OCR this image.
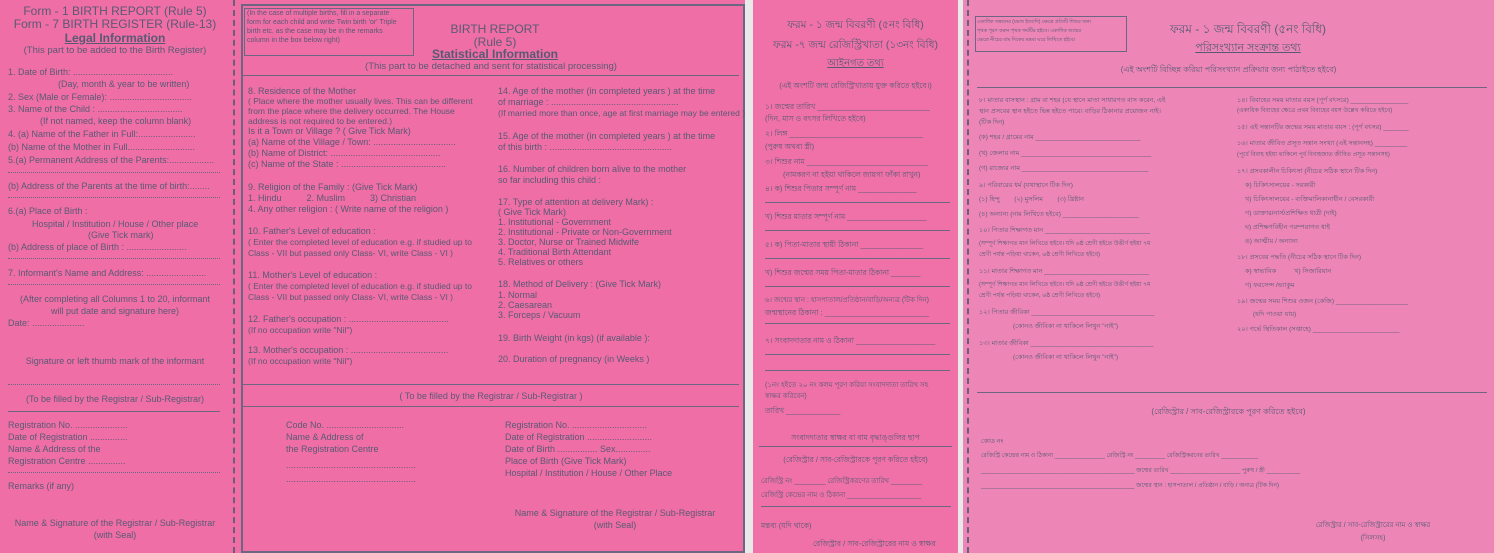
Form - 1 BIRTH REPORT (Rule 5)
Form - 7 BIRTH REGISTER (Rule-13)
Legal Information
(This part to be added to the Birth Register)
1. Date of Birth: ........................................
(Day, month & year to be written)
2. Sex (Male or Female): .................................
3. Name of the Child : ..................................
(If not named, keep the column blank)
4. (a) Name of the Father in Full:.......................
(b) Name of the Mother in Full...........................
5.(a) Permanent Address of the Parents:..................
(b) Address of the Parents at the time of birth:........
6.(a) Place of Birth :
Hospital / Institution / House / Other place
(Give Tick mark)
(b) Address of place of Birth : ........................
7. Informant's Name and Address: ........................
(After completing all Columns 1 to 20, informant
will put date and signature here)
Date: .....................
Signature or left thumb mark of the informant
(To be filled by the Registrar / Sub-Registrar)
Registration No. .....................
Date of Registration ...............
Name & Address of the
Registration Centre ...............
Remarks (if any)
Name & Signature of the Registrar / Sub-Registrar
(with Seal)
(In the case of multiple births, fill in a separate
form for each child and write Twin birth 'or' Triple
birth etc. as the case may be in the remarks
column in the box below right)
BIRTH REPORT
(Rule 5)
Statistical Information
(This part to be detached and sent for statistical processing)
8. Residence of the Mother
( Place where the mother usually lives. This can be different
from the place where the delivery occurred. The House
address is not required to be entered.)
Is it a Town or Village ? ( Give Tick Mark)
(a) Name of the Village / Town: .................................
(b) Name of District: ............................................
(c) Name of the State : ..........................................
9. Religion of the Family : (Give Tick Mark)
1. Hindu          2. Muslim          3) Christian
4. Any other religion : ( Write name of the religion )
10. Father's Level of education :
( Enter the completed level of education e.g. if studied up to
Class - VII but passed only Class- VI, write Class - VI )
11. Mother's Level of education :
( Enter the completed level of education e.g. if studied up to
Class - VII but passed only Class- VI, write Class - VI )
12. Father's occupation : ........................................
(If no occupation write "Nil")
13. Mother's occupation : .......................................
(If no occupation write "Nil")
14. Age of the mother (in completed years ) at the time
of marriage : ...................................................
(If married more than once, age at first marriage may be entered )
15. Age of the mother (in completed years ) at the time
of this birth : .................................................
16. Number of children born alive to the mother
so far including this child :
17. Type of attention at delivery Mark) :
( Give Tick Mark)
1. Institutional - Government
2. Institutional - Private or Non-Government
3. Doctor, Nurse or Trained Midwife
4. Traditional Birth Attendant
5. Relatives or others
18. Method of Delivery : (Give Tick Mark)
1. Normal
2. Caesarean
3. Forceps / Vacuum
19. Birth Weight (in kgs) (if available ):
20. Duration of pregnancy (in Weeks )
( To be filled by the Registrar / Sub-Registrar )
Code No. ...............................
Name & Address of
the Registration Centre
....................................................
....................................................
Registration No. ..............................
Date of Registration ..........................
Date of Birth ................ Sex..............
Place of Birth (Give Tick Mark)
Hospital / Institution / House / Other Place
Name & Signature of the Registrar / Sub-Registrar
(with Seal)
ফরম - ১ জন্ম বিবরণী (৫নং বিধি)
ফরম -৭ জন্ম রেজিস্ট্রিখাতা (১৩নং বিধি)
আইনগত তথ্য
(এই অংশটি জন্ম রেজিস্ট্রিখাতায় যুক্ত করিতে হইবে।)
১। জন্মের তারিখ ___________________________
(দিন, মাস ও বৎসর লিখিতে হইবে)
২। লিঙ্গ ________________________________
(পুরুষ অথবা স্ত্রী)
৩। শিশুর নাম _____________________________
(নামকরণ না হইয়া থাকিলে জায়গা ফাঁকা রাখুন)
৪। ক) শিশুর পিতার সম্পূর্ণ নাম ______________
খ) শিশুর মাতার সম্পূর্ণ নাম ___________________
৫। ক) পিতা-মাতার স্থায়ী ঠিকানা _______________
খ) শিশুর জন্মের সময় পিতা-মাতার ঠিকানা _______
৬। জন্মের স্থান : হাসপাতাল/প্রতিষ্ঠান/বাড়ি/অন্যত্র (টিক দিন)
জন্মস্থানের ঠিকানা : _________________________
৭। সংবাদদাতার নাম ও ঠিকানা ___________________
(১নং হইতে ২০ নং কলম পূরণ করিয়া সংবাদদাতা তারিখ সহ
স্বাক্ষর করিবেন)
তারিখ _____________
সংবাদদাতার স্বাক্ষর বা বাম বৃদ্ধাঙ্গুলির ছাপ
(রেজিস্ট্রার / সাব-রেজিস্ট্রারকে পূরণ করিতে হইবে)
রেজিস্ট্রি নং ________ রেজিস্ট্রিকরণের তারিখ ________
রেজিস্ট্রি কেন্দ্রের নাম ও ঠিকানা ___________________
মন্তব্য (যদি থাকে)
রেজিস্ট্রার / সাব-রেজিস্ট্রারের নাম ও স্বাক্ষর
একাধিক সন্তানের (যমজ ইত্যাদি) ক্ষেত্রে প্রতিটি শিশুর জন্য
পৃথক পূরণ করুন পৃথক ফর্মটির হইবে। একাধিক জন্মের
ক্ষেত্রে নীচের বাম দিকের মন্তব্য ঘরে লিখিতে হইবে।
ফরম - ১ জন্ম বিবরণী (৫নং বিধি)
পরিসংখ্যান সংক্রান্ত তথ্য
(এই অংশটি বিচ্ছিন্ন করিয়া পরিসংখ্যান প্রক্রিয়ার জন্য পাঠাইতে হইবে)
৮। মাতার বাসস্থান : গ্রাম বা শহর (যে স্থানে মাতা সাধারণত বাস করেন, এই
স্থান প্রসবের স্থান হইতে ভিন্ন হইতে পারে। বাড়ির ঠিকানার প্রয়োজন নাই।
(টিক দিন)
(ক) শহর / গ্রামের নাম _____________________________
(খ) জেলার নাম ____________________________________
(গ) রাজ্যের নাম ___________________________________
৯। পরিবারের ধর্ম (যথাস্থানে টিক দিন)
(১) হিন্দু        (২) মুসলিম        (৩) খ্রিষ্টান
(৪) অন্যান্য (নাম লিখিতে হইবে) _____________________
১০। পিতার শিক্ষাগত মান _____________________________
(সম্পূর্ণ শিক্ষাগত মান লিখিতে হইবে। যদি ৬ষ্ঠ শ্রেণী হইতে উত্তীর্ণ হইয়া ৭ম
শ্রেণী পর্যন্ত পড়িয়া থাকেন, ৬ষ্ঠ শ্রেণী লিখিতে হইবে)
১১। মাতার শিক্ষাগত মান _____________________________
(সম্পূর্ণ শিক্ষাগত মান লিখিতে হইবে। যদি ৬ষ্ঠ শ্রেণী হইতে উত্তীর্ণ হইয়া ৭ম
শ্রেণী পর্যন্ত পড়িয়া থাকেন, ৬ষ্ঠ শ্রেণী লিখিতে হইবে)
১২। পিতার জীবিকা __________________________________
(কোনও জীবিকা না থাকিলে লিখুন "নাই")
১৩। মাতার জীবিকা __________________________________
(কোনও জীবিকা না থাকিলে লিখুন "নাই")
১৪। বিবাহের সময় মাতার বয়স (পূর্ণ বৎসরে) ________________
(একাধিক বিবাহের ক্ষেত্রে প্রথম বিবাহের বয়স উল্লেখ করিতে হইবে)
১৫। এই সন্তানটির জন্মের সময় মাতার বয়স : (পূর্ণ বৎসর) _______
১৬। মাতার জীবিত প্রসূত সন্তান সংখ্যা (এই সন্তানসহ) _________
(পূর্বে বিবাহ হইয়া থাকিলে পূর্ব বিবাহজাত জীবিত প্রসূত সন্তানসহ)
১৭। প্রসবকালীন চিকিৎসা (নীচের সঠিক স্থানে টিক দিন)
ক) চিকিৎসালয়ের - সরকারী
খ) চিকিৎসালয়ের - ব্যক্তিমালিকানাধীন / বেসরকারী
গ) ডাক্তার/নার্স/প্রশিক্ষিত ধাত্রী (দাই)
ঘ) প্রশিক্ষণবিহীন পরম্পরাগত ধাই
ঙ) আত্মীয় / অন্যান্য
১৮। প্রসবের পদ্ধতি (নীচের সঠিক স্থানে টিক দিন)
ক) স্বাভাবিক          খ) সিজারিয়ান
গ) ফরসেপ্স /ভ্যাকুম
১৯। জন্মের সময় শিশুর ওজন (কেজি) ____________________
(যদি পাওয়া যায়)
২০। গর্ভে স্থিতিকাল (সপ্তাহে) ________________________
(রেজিস্ট্রার / সাব-রেজিস্ট্রারকে পূরণ করিতে হইবে)
কোড নং
রেজিস্ট্রি কেন্দ্রের নাম ও ঠিকানা _______________ রেজিস্ট্রি নং _________ রেজিস্ট্রিকরণের তারিখ ___________
______________________________________________ জন্মের তারিখ _____________________ পুরুষ / স্ত্রী __________
______________________________________________ জন্মের স্থান : হাসপাতাল / প্রতিষ্ঠান / বাড়ি / অন্যত্র (টিক দিন)
রেজিস্ট্রার / সাব-রেজিস্ট্রারের নাম ও স্বাক্ষর
(সিলসহ)
